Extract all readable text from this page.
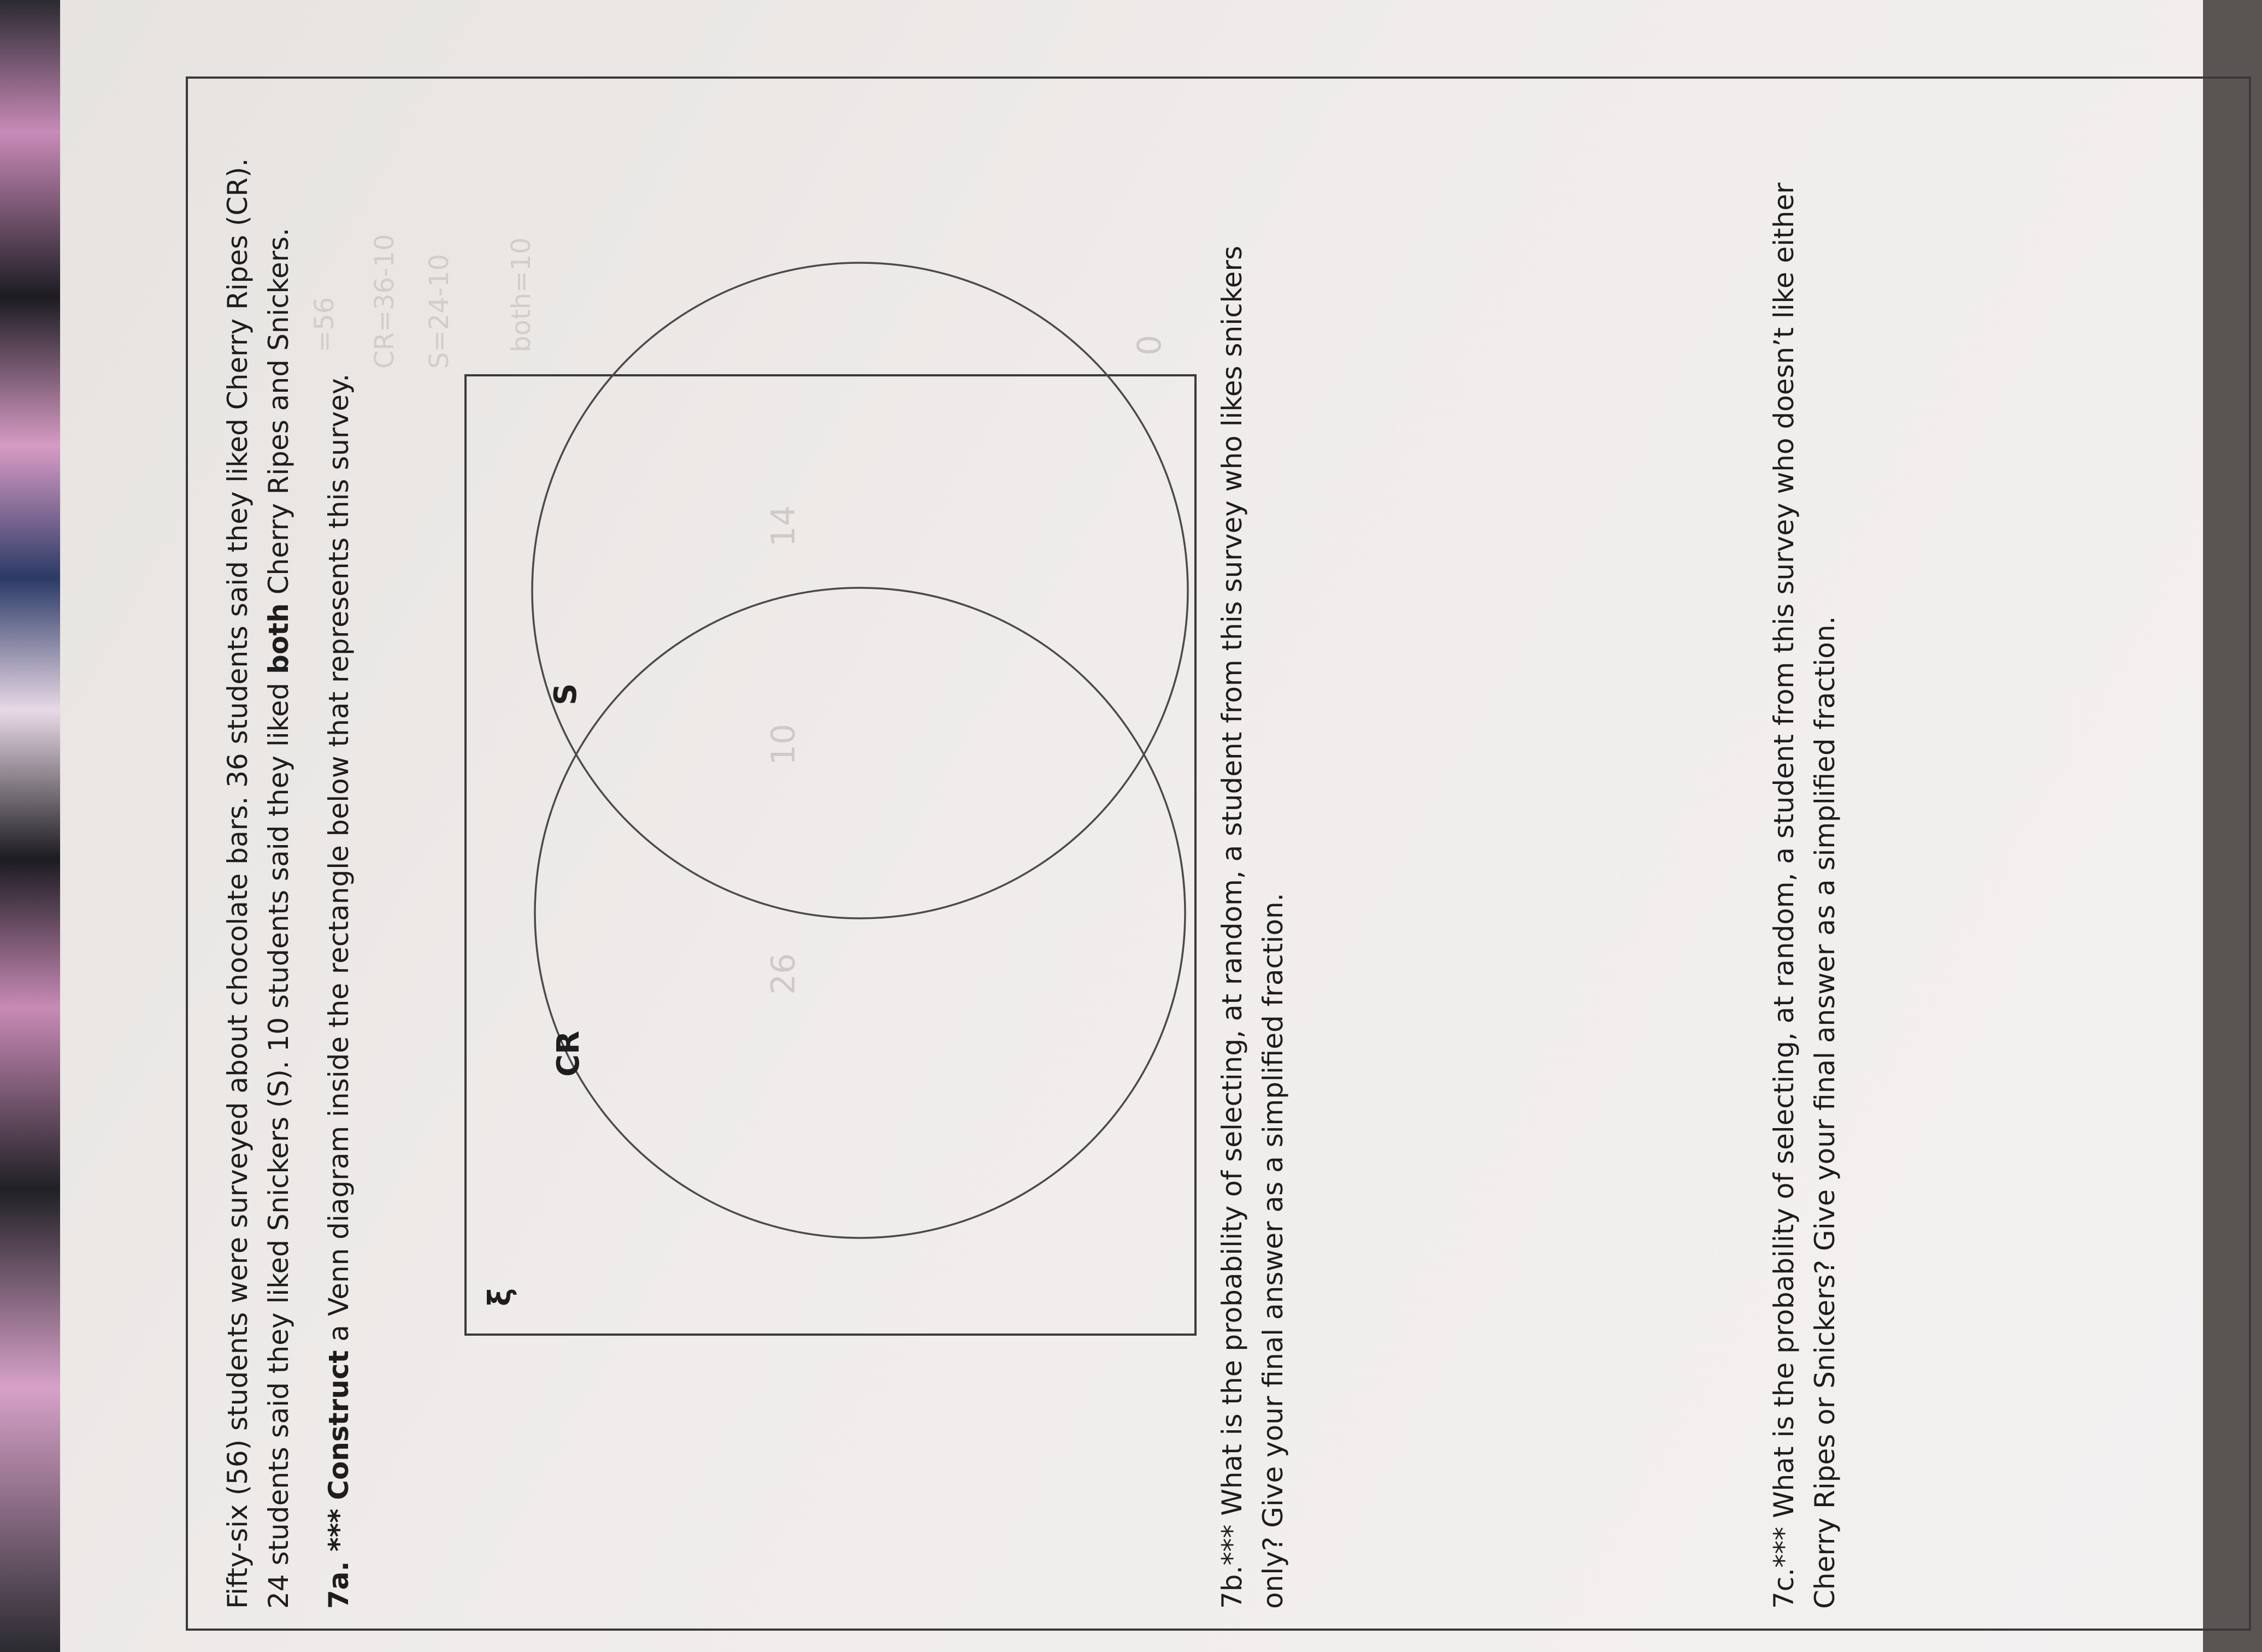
Fifty-six (56) students were surveyed about chocolate bars. 36 students said they liked Cherry Ripes (CR). 24 students said they liked Snickers (S). 10 students said they liked both Cherry Ripes and Snickers.
7a. *** Construct a Venn diagram inside the rectangle below that represents this survey.	ξ
CR
S
26
10
14
0
=56 CR=36-10 S=24-10 both=10	7b.*** What is the probability of selecting, at random, a student from this survey who likes snickers only? Give your final answer as a simplified fraction.	7c.*** What is the probability of selecting, at random, a student from this survey who doesn’t like either Cherry Ripes or Snickers? Give your final answer as a simplified fraction.
